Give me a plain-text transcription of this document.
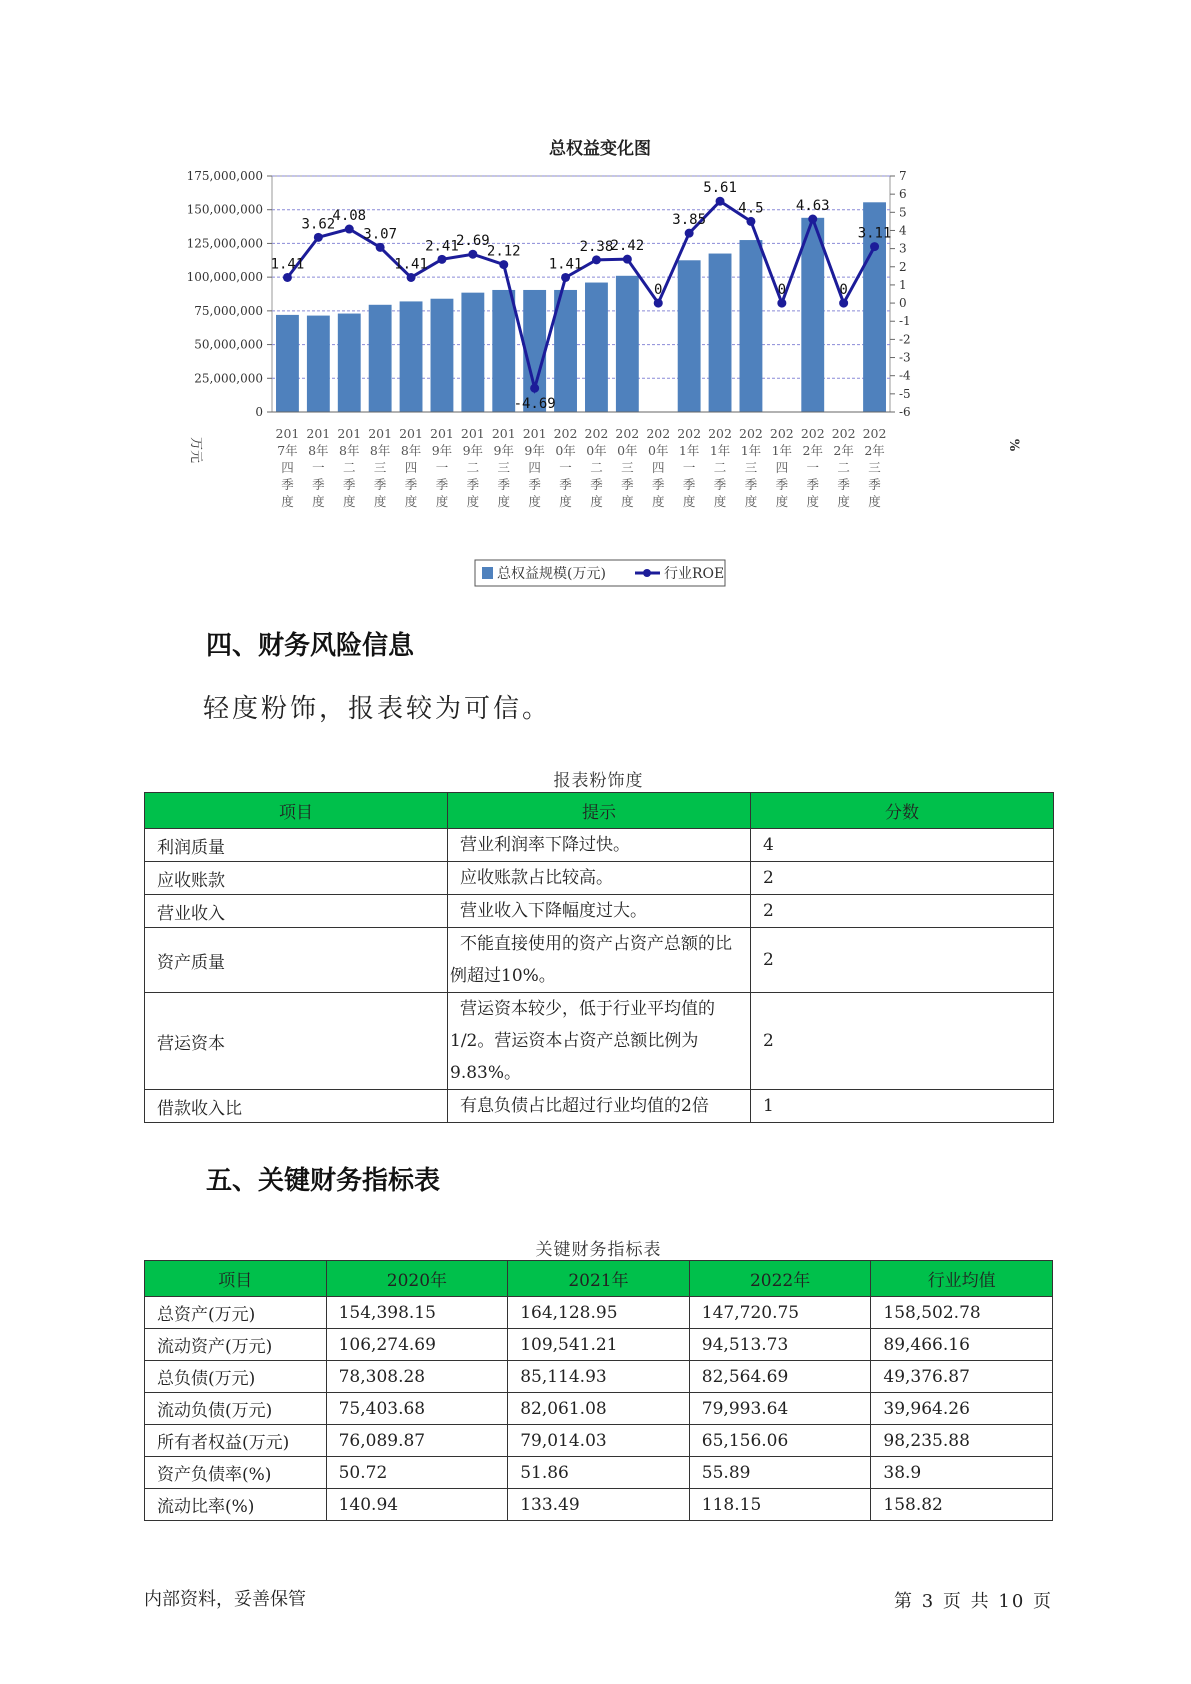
总权益变化图
万元	%
1.41
3.62
4.08
3.07
1.41
2.41
2.69
2.12
-4.69
1.41
2.38
2.42
0
3.85
5.61
4.5
0
4.63
0
3.11
0
25,000,000
50,000,000
75,000,000
100,000,000
125,000,000
150,000,000
175,000,000
-6
-5
-4
-3
-2
-1
0
1
2
3
4
5
6
7
201 7年四季度
201 8年一季度
201 8年二季度
201 8年三季度
201 8年四季度
201 9年一季度
201 9年二季度
201 9年三季度
201 9年四季度
202 0年一季度
202 0年二季度
202 0年三季度
202 0年四季度
202 1年一季度
202 1年二季度
202 1年三季度
202 1年四季度
202 2年一季度
202 2年二季度
202 2年三季度
总权益规模(万元)	行业ROE
四、财务风险信息
轻度粉饰，报表较为可信。
报表粉饰度
项目	提示	分数
利润质量	营业利润率下降过快。	4
应收账款	应收账款占比较高。	2
营业收入	营业收入下降幅度过大。	2
资产质量	不能直接使用的资产占资产总额的比例超过10%。	2
营运资本	营运资本较少，低于行业平均值的1/2。营运资本占资产总额比例为9.83%。	2
借款收入比	有息负债占比超过行业均值的2倍	1
五、关键财务指标表
关键财务指标表
项目	2020年	2021年	2022年	行业均值
总资产(万元)	154,398.15	164,128.95	147,720.75	158,502.78
流动资产(万元)	106,274.69	109,541.21	94,513.73	89,466.16
总负债(万元)	78,308.28	85,114.93	82,564.69	49,376.87
流动负债(万元)	75,403.68	82,061.08	79,993.64	39,964.26
所有者权益(万元)	76,089.87	79,014.03	65,156.06	98,235.88
资产负债率(%)	50.72	51.86	55.89	38.9
流动比率(%)	140.94	133.49	118.15	158.82
内部资料，妥善保管	第 3 页 共 10 页
